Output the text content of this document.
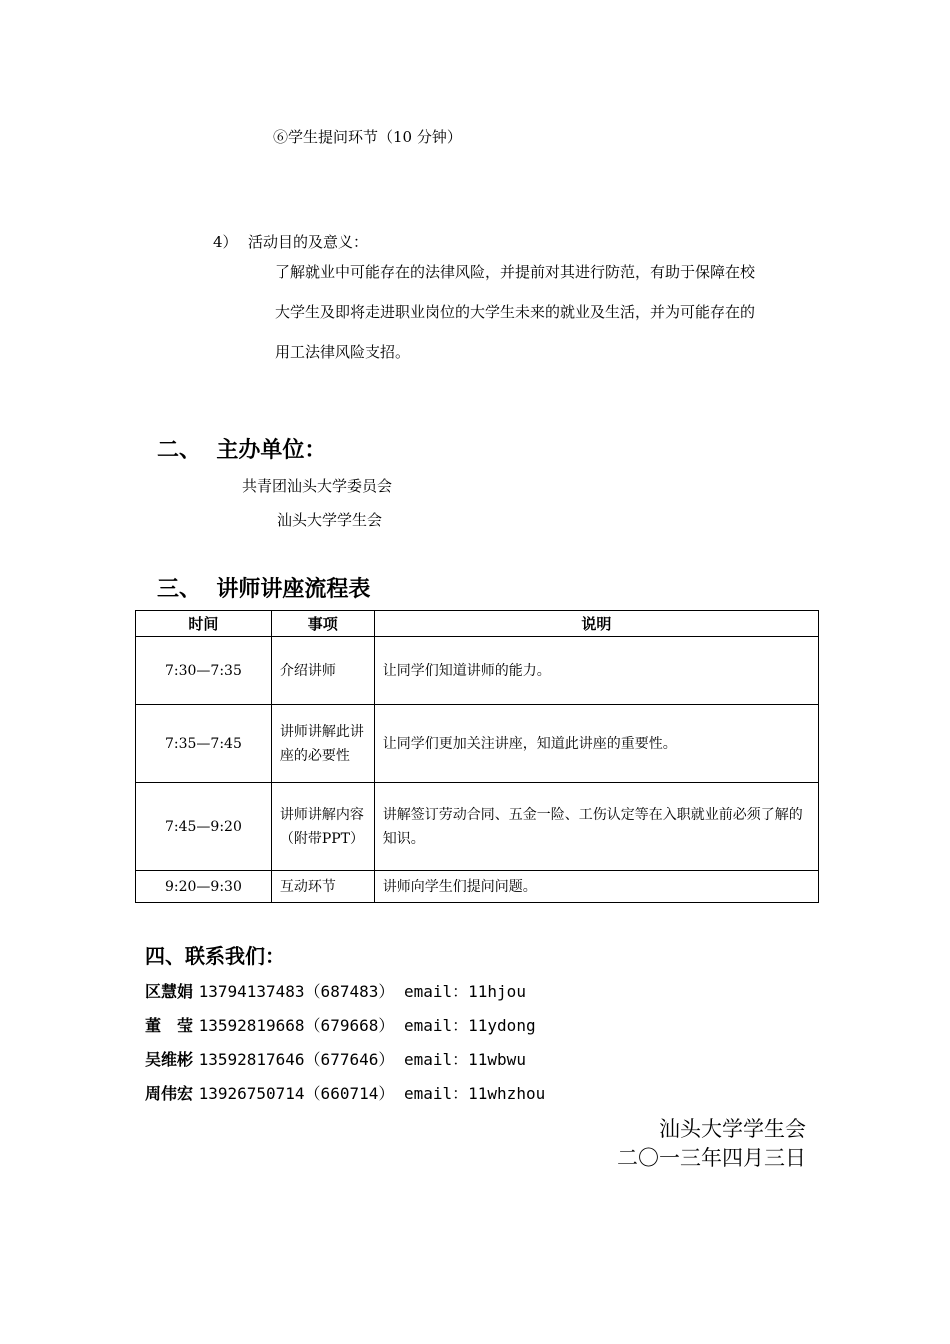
⑥学生提问环节（10 分钟）
4） 活动目的及意义：
了解就业中可能存在的法律风险，并提前对其进行防范，有助于保障在校
大学生及即将走进职业岗位的大学生未来的就业及生活，并为可能存在的
用工法律风险支招。
二、  主办单位：
共青团汕头大学委员会
汕头大学学生会
三、  讲师讲座流程表
时间	事项	说明
7:30—7:35	介绍讲师	让同学们知道讲师的能力。
7:35—7:45	讲师讲解此讲座的必要性	让同学们更加关注讲座，知道此讲座的重要性。
7:45—9:20	讲师讲解内容（附带PPT）	讲解签订劳动合同、五金一险、工伤认定等在入职就业前必须了解的知识。
9:20—9:30	互动环节	讲师向学生们提问问题。
四、联系我们：
区慧娟 13794137483（687483） email：11hjou
董　莹 13592819668（679668） email：11ydong
吴维彬 13592817646（677646） email：11wbwu
周伟宏 13926750714（660714） email：11whzhou
汕头大学学生会
二〇一三年四月三日
